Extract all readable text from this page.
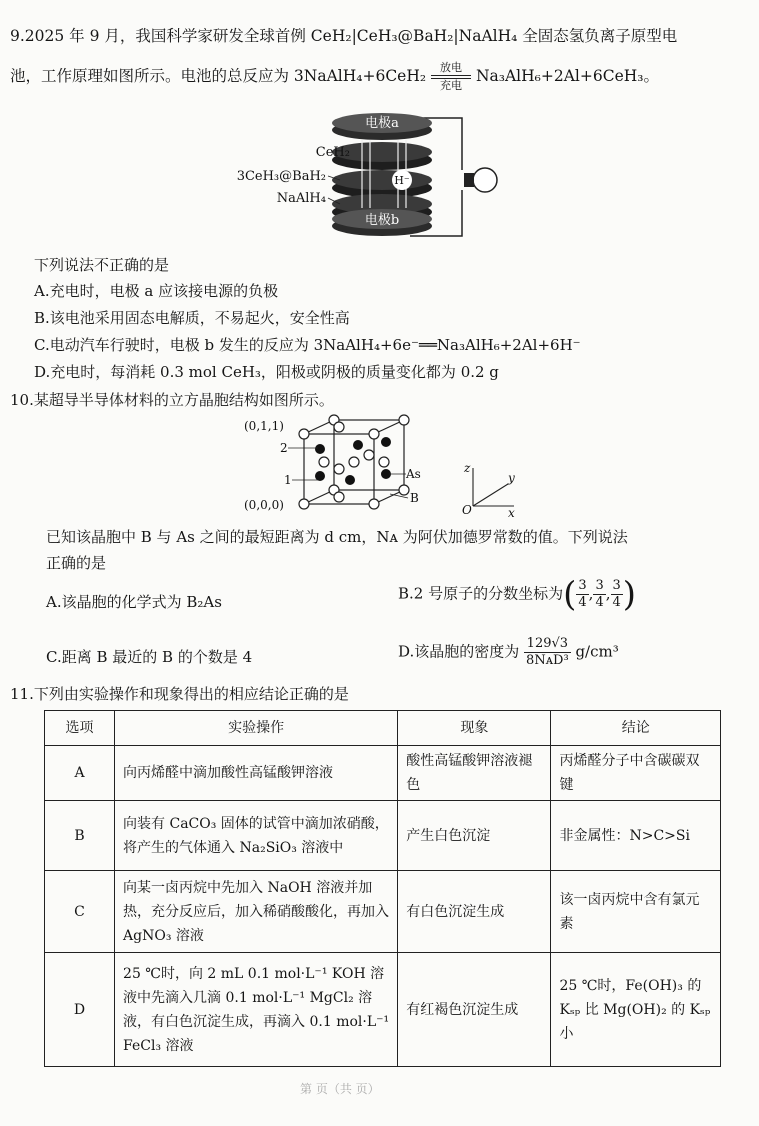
9.2025 年 9 月，我国科学家研发全球首例 CeH₂|CeH₃@BaH₂|NaAlH₄ 全固态氢负离子原型电
池，工作原理如图所示。电池的总反应为 3NaAlH₄+6CeH₂	放电
充电
Na₃AlH₆+2Al+6CeH₃。
电极a
电极b
H⁻
CeH₂
3CeH₃@BaH₂
NaAlH₄
下列说法不正确的是
A.充电时，电极 a 应该接电源的负极
B.该电池采用固态电解质，不易起火，安全性高
C.电动汽车行驶时，电极 b 发生的反应为 3NaAlH₄+6e⁻══Na₃AlH₆+2Al+6H⁻
D.充电时，每消耗 0.3 mol CeH₃，阳极或阴极的质量变化都为 0.2 g
10.某超导半导体材料的立方晶胞结构如图所示。
(0,1,1)
2
1
(0,0,0)
As
B
z
y
x
O
已知该晶胞中 B 与 As 之间的最短距离为 d cm，Nᴀ 为阿伏加德罗常数的值。下列说法
正确的是
A.该晶胞的化学式为 B₂As	B.2 号原子的分数坐标为( $\frac{3}{4}$ , $\frac{3}{4}$ , $\frac{3}{4}$ )
C.距离 B 最近的 B 的个数是 4	D.该晶胞的密度为 $\frac{129√3}{\text{8NᴀD³}} g/cm^3$
11.下列由实验操作和现象得出的相应结论正确的是
选项	实验操作	现象	结论
A	向丙烯醛中滴加酸性高锰酸钾溶液	酸性高锰酸钾溶液褪色	丙烯醛分子中含碳碳双键
B	向装有 CaCO₃ 固体的试管中滴加浓硝酸，将产生的气体通入 Na₂SiO₃ 溶液中	产生白色沉淀	非金属性：N>C>Si
C	向某一卤丙烷中先加入 NaOH 溶液并加热，充分反应后，加入稀硝酸酸化，再加入 AgNO₃ 溶液	有白色沉淀生成	该一卤丙烷中含有氯元素
D	25 ℃时，向 2 mL 0.1 mol·L⁻¹ KOH 溶液中先滴入几滴 0.1 mol·L⁻¹ MgCl₂ 溶液，有白色沉淀生成，再滴入 0.1 mol·L⁻¹ FeCl₃ 溶液	有红褐色沉淀生成	25 ℃时，Fe(OH)₃ 的 Kₛₚ 比 Mg(OH)₂ 的 Kₛₚ 小
第 页（共 页）
